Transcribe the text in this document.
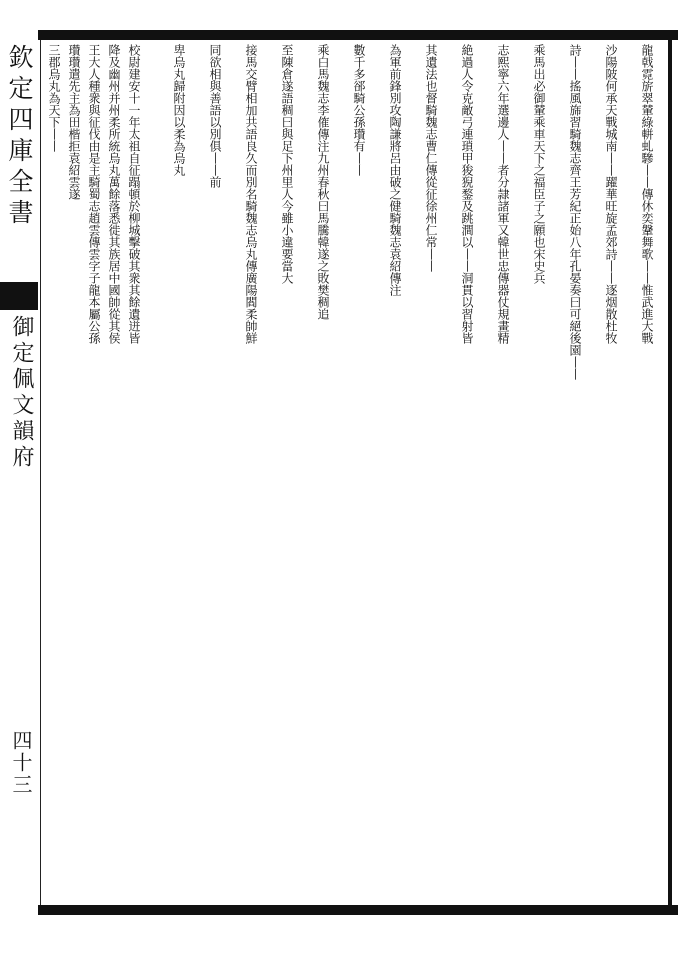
欽定四庫全書
御定佩文韻府
四十三
龍戟霓旂翠輦綠軿虬驂丨丨傳休奕鞶舞歌丨丨惟武進大戰
沙陽陂何承天戰城南丨丨躍華旺旋孟郊詩丨丨逐烟散杜牧
詩丨丨搖風旆習騎魏志齊王芳紀正始八年孔晏奏曰可絕後園丨丨
乘馬出必御輦乘車天下之福臣子之願也宋史兵
志熙寧六年選邊人丨丨者分隷諸軍又韓世忠傳器仗規畫精
絶過人令克敵弓連瑣甲狻猊鍪及跳澗以丨丨洞貫以習射皆
其遺法也督騎魏志曹仁傳從征徐州仁常丨丨
為軍前鋒別攻陶謙將呂由破之健騎魏志袁紹傳注
數千多郤騎公孫瓚有丨丨
乘白馬魏志李傕傳注九州春秋曰馬騰韓遂之敗樊稠追
至陳倉遂語稠曰與足下州里人今雖小違要當大
接馬交臂相加共語良久而別名騎魏志烏丸傳廣陽閻柔帥鮮
同欲相與善語以別俱丨丨前
卑烏丸歸附因以柔為烏丸
校尉建安十一年太祖自征蹋頓於柳城擊破其衆其餘遺迸皆
降及幽州并州柔所統烏丸萬餘落悉徙其族居中國帥從其侯
王大人種衆與征伐由是主騎蜀志趙雲傳雲字子龍本屬公孫
瓚瓚遣先主為田楷拒袁紹雲遂
三郡烏丸為天下丨丨
